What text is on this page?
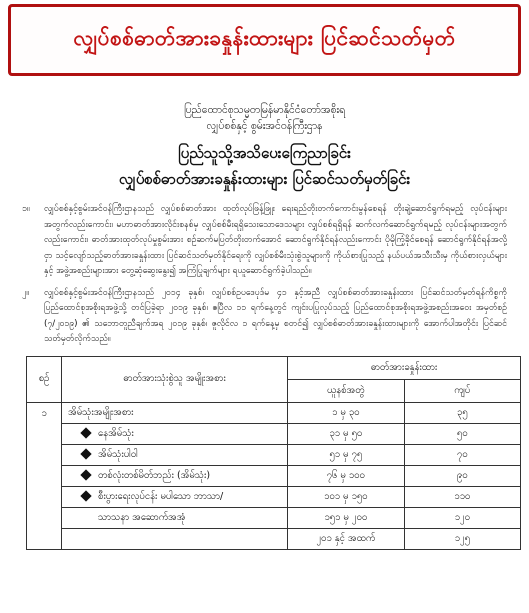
လျှပ်စစ်ဓာတ်အားခနှုန်းထားများ ပြင်ဆင်သတ်မှတ်
ပြည်ထောင်စုသမ္မတမြန်မာနိုင်ငံတော်အစိုးရ
လျှပ်စစ်နှင့် စွမ်းအင်ဝန်ကြီးဌာန
ပြည်သူသို့အသိပေးကြေညာခြင်း
လျှပ်စစ်ဓာတ်အားခနှုန်းထားများ ပြင်ဆင်သတ်မှတ်ခြင်း
၁။	လျှပ်စစ်နှင့်စွမ်းအင်ဝန်ကြီးဌာနသည် လျှပ်စစ်ဓာတ်အား ထုတ်လုပ်ဖြန့်ဖြူး ရေးရည်တိုးတက်ကောင်းမွန်စေရန် တိုးချဲ့ဆောင်ရွက်ရမည့် လုပ်ငန်းများအတွက်လည်းကောင်း၊ မဟာဓာတ်အားလိုင်းစနစ်မှ လျှပ်စစ်မီးရရှိသေးသောဒေသများ လျှပ်စစ်ရရှိရန် ဆက်လက်ဆောင်ရွက်ရမည့် လုပ်ငန်းများအတွက်လည်းကောင်း၊ ဓာတ်အားထုတ်လုပ်မှုစွမ်းအား စဉ်ဆက်မပြတ်တိုးတက်အောင် ဆောင်ရွက်နိုင်ရန်လည်းကောင်း ပိုမိုကြံ့ခိုင်စေရန် ဆောင်ရွက်နိုင်ရန်အလို့ငှာ သင့်လျော်သည့်ဓာတ်အားခနှုန်းထား ပြင်ဆင်သတ်မှတ်နိုင်ရေးကို လျှပ်စစ်မီးသုံးစွဲသူများကို ကိုယ်စားပြုသည့် နယ်ပယ်အသီးသီးမှ ကိုယ်စားလှယ်များနှင့် အဖွဲ့အစည်းများအား တွေ့ဆုံဆွေးနွေး၍ အကြံပြုချက်များ ရယူဆောင်ရွက်ခဲ့ပါသည်။
၂။	လျှပ်စစ်နှင့်စွမ်းအင်ဝန်ကြီးဌာနသည် ၂၀၁၄ ခုနှစ်၊ လျှပ်စစ်ဥပဒေပုဒ်မ ၄၁ နှင့်အညီ လျှပ်စစ်ဓာတ်အားခနှုန်းထား ပြင်ဆင်သတ်မှတ်ရန်ကိစ္စကို ပြည်ထောင်စုအစိုးရအဖွဲ့သို့ တင်ပြခဲ့ရာ ၂၀၁၉ ခုနှစ်၊ ဧပြီလ ၁၁ ရက်နေ့တွင် ကျင်းပပြုလုပ်သည့် ပြည်ထောင်စုအစိုးရအဖွဲ့အစည်းအဝေး အမှတ်စဉ် (၇/၂၀၁၉) ၏ သဘောတူညီချက်အရ ၂၀၁၉ ခုနှစ်၊ ဇူလိုင်လ ၁ ရက်နေ့မှ စတင်၍ လျှပ်စစ်ဓာတ်အားခနှုန်းထားများကို အောက်ပါအတိုင်း ပြင်ဆင်သတ်မှတ်လိုက်သည်။
စဉ်	ဓာတ်အားသုံးစွဲသူ အမျိုးအစား	ဓာတ်အားခနှုန်းထား	
		ယူနစ်အတွဲ	ကျပ်
၁	အိမ်သုံးအမျိုးအစား	၁ မှ ၃၀	၃၅
	နေအိမ်သုံး	၃၁ မှ ၅၀	၅၀
	အိမ်သုံးပါဝါ	၅၁ မှ ၇၅	၇၀
	တစ်လုံးတစ်မိတ်ဘည်း (အိမ်သုံး)	၇၆ မှ ၁၀၀	၉၀
	စီးပွားရေးလုပ်ငန်း မပါသော ဘာသာ/	၁၀၁ မှ ၁၅၀	၁၁၀
	သာသနာ အဆောက်အအုံ	၁၅၁ မှ ၂၀၀	၁၂၀
		၂၀၁ နှင့် အထက်	၁၂၅
